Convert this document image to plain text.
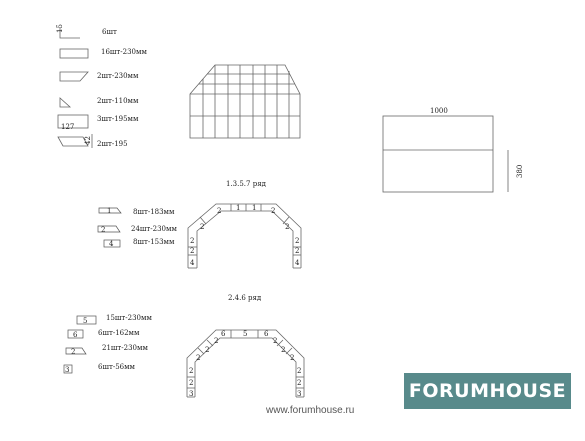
15
127
42
6шт
16шт-230мм
2шт-230мм
2шт-110мм
3шт-195мм
2шт-195
1000
380
1.3.5.7 ряд
1	8шт-183мм
2	24шт-230мм
4	8шт-153мм 2
2
4
2
2 1 1 2
2
2
2
4
2.4.6 ряд
5	15шт-230мм
6	6шт-162мм
2	21шт-230мм
3	6шт-56мм	2
2
3
2
2
2
6	5 6
2
2
2
2
2
3	FORUMHOUSE
www.forumhouse.ru
